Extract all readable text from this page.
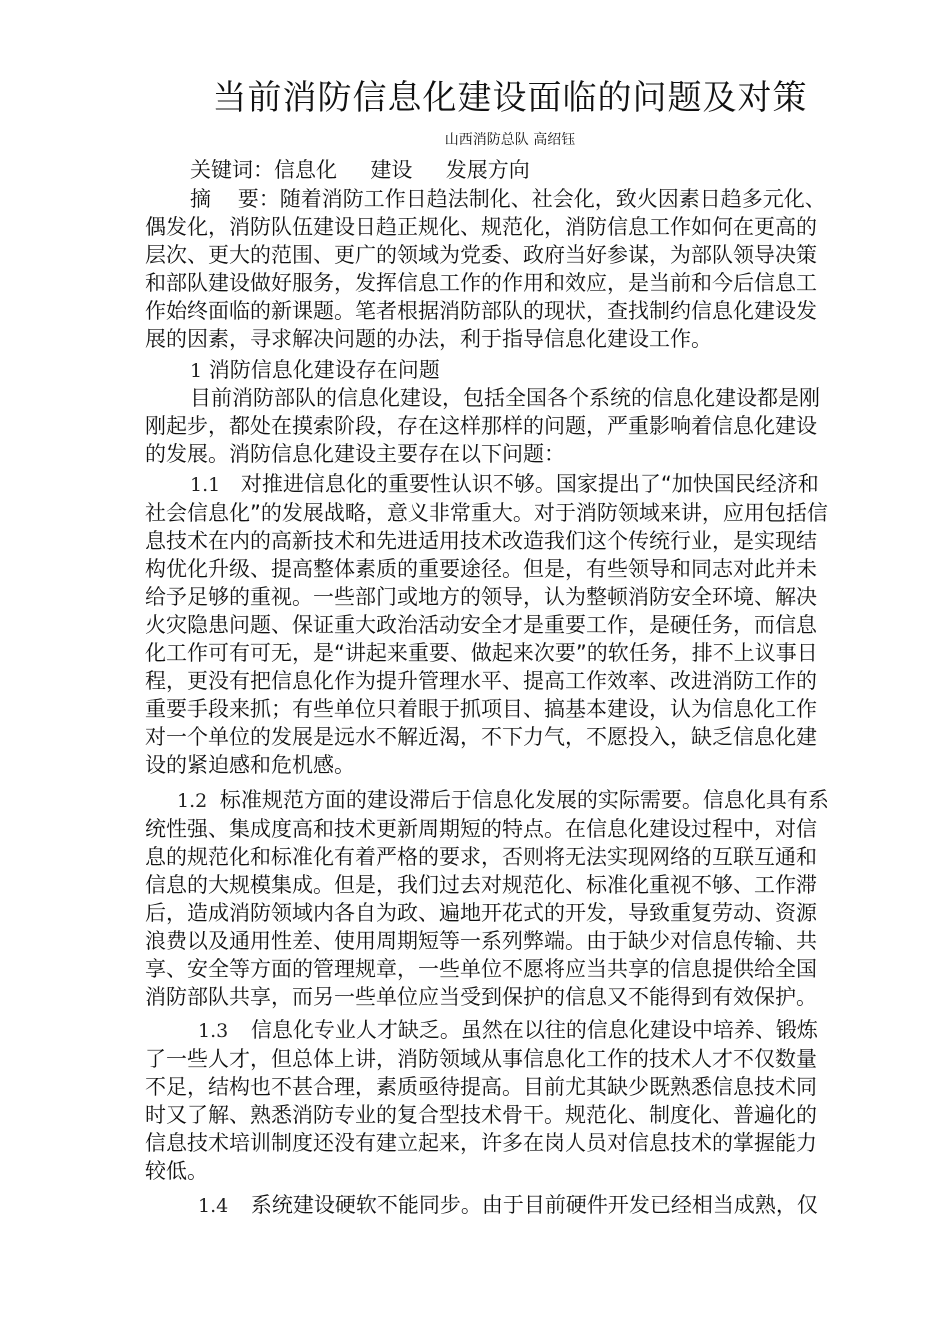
当前消防信息化建设面临的问题及对策
山西消防总队 高绍钰
关键词：信息化     建设     发展方向
摘    要：随着消防工作日趋法制化、社会化，致火因素日趋多元化、
偶发化，消防队伍建设日趋正规化、规范化，消防信息工作如何在更高的
层次、更大的范围、更广的领域为党委、政府当好参谋，为部队领导决策
和部队建设做好服务，发挥信息工作的作用和效应，是当前和今后信息工
作始终面临的新课题。笔者根据消防部队的现状，查找制约信息化建设发
展的因素，寻求解决问题的办法，利于指导信息化建设工作。
1 消防信息化建设存在问题
目前消防部队的信息化建设，包括全国各个系统的信息化建设都是刚
刚起步，都处在摸索阶段，存在这样那样的问题，严重影响着信息化建设
的发展。消防信息化建设主要存在以下问题：
1.1 对推进信息化的重要性认识不够。国家提出了“加快国民经济和
社会信息化”的发展战略，意义非常重大。对于消防领域来讲，应用包括信
息技术在内的高新技术和先进适用技术改造我们这个传统行业，是实现结
构优化升级、提高整体素质的重要途径。但是，有些领导和同志对此并未
给予足够的重视。一些部门或地方的领导，认为整顿消防安全环境、解决
火灾隐患问题、保证重大政治活动安全才是重要工作，是硬任务，而信息
化工作可有可无，是“讲起来重要、做起来次要”的软任务，排不上议事日
程，更没有把信息化作为提升管理水平、提高工作效率、改进消防工作的
重要手段来抓；有些单位只着眼于抓项目、搞基本建设，认为信息化工作
对一个单位的发展是远水不解近渴，不下力气，不愿投入，缺乏信息化建
设的紧迫感和危机感。
1.2 标准规范方面的建设滞后于信息化发展的实际需要。信息化具有系
统性强、集成度高和技术更新周期短的特点。在信息化建设过程中，对信
息的规范化和标准化有着严格的要求，否则将无法实现网络的互联互通和
信息的大规模集成。但是，我们过去对规范化、标准化重视不够、工作滞
后，造成消防领域内各自为政、遍地开花式的开发，导致重复劳动、资源
浪费以及通用性差、使用周期短等一系列弊端。由于缺少对信息传输、共
享、安全等方面的管理规章，一些单位不愿将应当共享的信息提供给全国
消防部队共享，而另一些单位应当受到保护的信息又不能得到有效保护。
1.3 信息化专业人才缺乏。虽然在以往的信息化建设中培养、锻炼
了一些人才，但总体上讲，消防领域从事信息化工作的技术人才不仅数量
不足，结构也不甚合理，素质亟待提高。目前尤其缺少既熟悉信息技术同
时又了解、熟悉消防专业的复合型技术骨干。规范化、制度化、普遍化的
信息技术培训制度还没有建立起来，许多在岗人员对信息技术的掌握能力
较低。
1.4 系统建设硬软不能同步。由于目前硬件开发已经相当成熟，仅
